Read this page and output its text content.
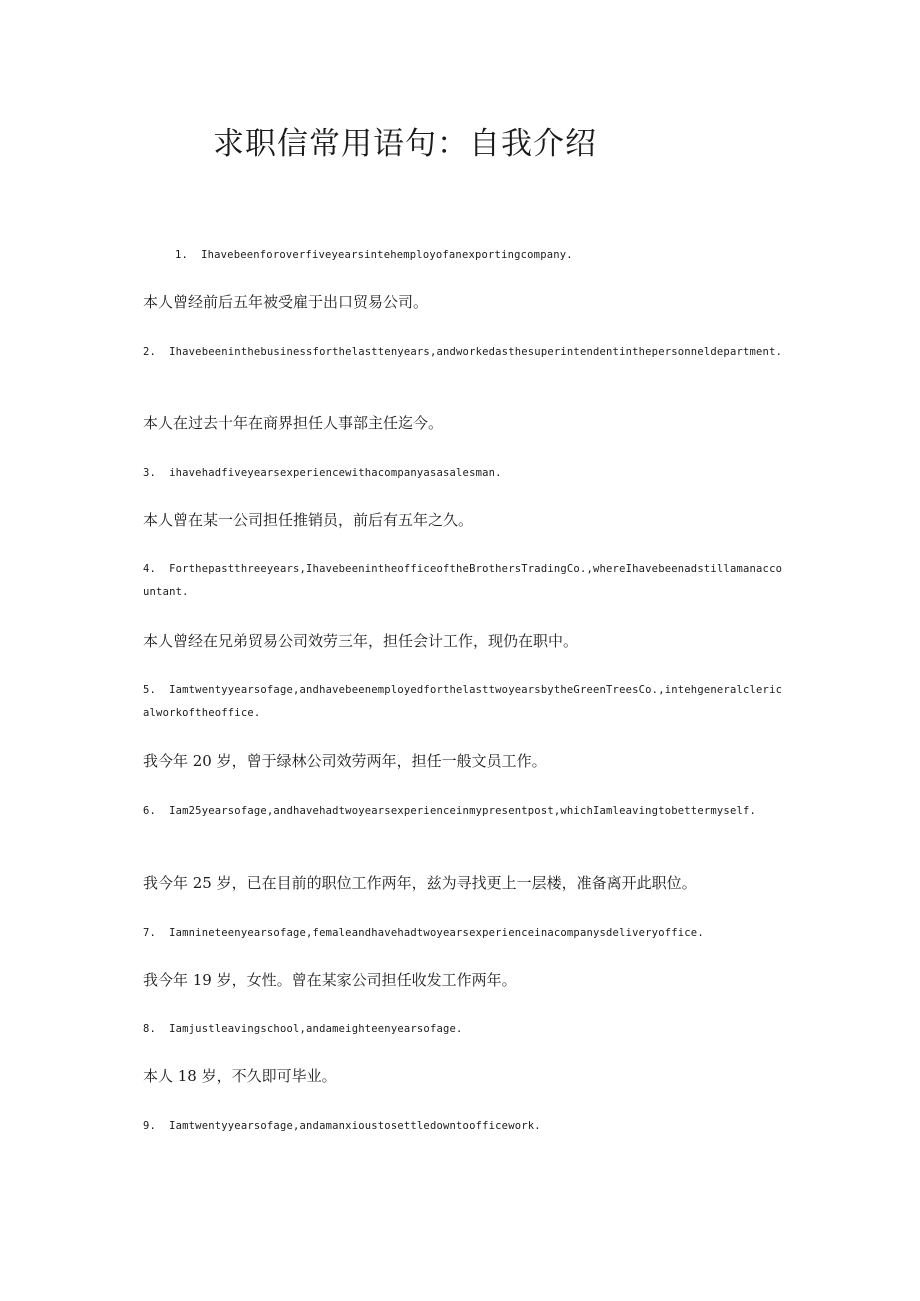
求职信常用语句：自我介绍
1.  Ihavebeenforoverfiveyearsintehemployofanexportingcompany.
本人曾经前后五年被受雇于出口贸易公司。
2.  Ihavebeeninthebusinessforthelasttenyears,andworkedasthesuperintendentinthepersonneldepartment.
本人在过去十年在商界担任人事部主任迄今。
3.  ihavehadfiveyearsexperiencewithacompanyasasalesman.
本人曾在某一公司担任推销员，前后有五年之久。
4.  Forthepastthreeyears,IhavebeenintheofficeoftheBrothersTradingCo.,whereIhavebeenadstillamanaccountant.
本人曾经在兄弟贸易公司效劳三年，担任会计工作，现仍在职中。
5.  Iamtwentyyearsofage,andhavebeenemployedforthelasttwoyearsbytheGreenTreesCo.,intehgeneralclericalworkoftheoffice.
我今年 20 岁，曾于绿林公司效劳两年，担任一般文员工作。
6.  Iam25yearsofage,andhavehadtwoyearsexperienceinmypresentpost,whichIamleavingtobettermyself.
我今年 25 岁，已在目前的职位工作两年，兹为寻找更上一层楼，准备离开此职位。
7.  Iamnineteenyearsofage,femaleandhavehadtwoyearsexperienceinacompanysdeliveryoffice.
我今年 19 岁，女性。曾在某家公司担任收发工作两年。
8.  Iamjustleavingschool,andameighteenyearsofage.
本人 18 岁，不久即可毕业。
9.  Iamtwentyyearsofage,andamanxioustosettledowntoofficework.
